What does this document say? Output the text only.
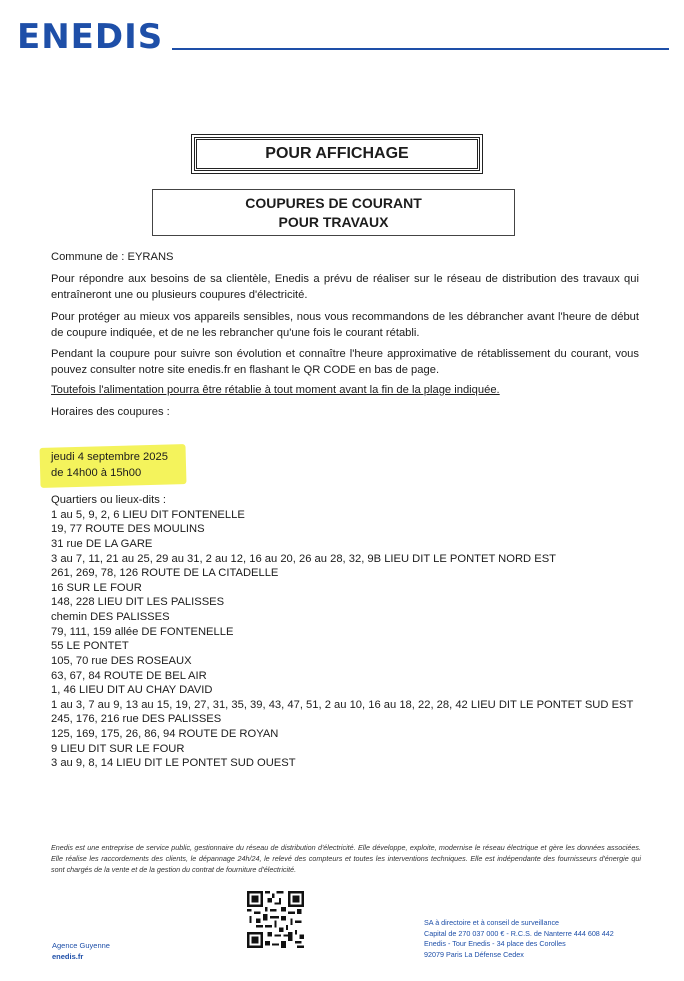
ENEDIS
POUR AFFICHAGE
COUPURES DE COURANT
POUR TRAVAUX
Commune de : EYRANS
Pour répondre aux besoins de sa clientèle, Enedis a prévu de réaliser sur le réseau de distribution des travaux qui entraîneront une ou plusieurs coupures d'électricité.
Pour protéger au mieux vos appareils sensibles, nous vous recommandons de les débrancher avant l'heure de début de coupure indiquée, et de ne les rebrancher qu'une fois le courant rétabli.
Pendant la coupure pour suivre son évolution et connaître l'heure approximative de rétablissement du courant, vous pouvez consulter notre site enedis.fr en flashant le QR CODE en bas de page.
Toutefois l'alimentation pourra être rétablie à tout moment avant la fin de la plage indiquée.
Horaires des coupures :
jeudi 4 septembre 2025
de 14h00 à 15h00
Quartiers ou lieux-dits :
1 au 5, 9, 2, 6 LIEU DIT FONTENELLE
19, 77 ROUTE DES MOULINS
31 rue DE LA GARE
3 au 7, 11, 21 au 25, 29 au 31, 2 au 12, 16 au 20, 26 au 28, 32, 9B LIEU DIT LE PONTET NORD EST
261, 269, 78, 126 ROUTE DE LA CITADELLE
16 SUR LE FOUR
148, 228 LIEU DIT LES PALISSES
chemin DES PALISSES
79, 111, 159 allée DE FONTENELLE
55 LE PONTET
105, 70 rue DES ROSEAUX
63, 67, 84 ROUTE DE BEL AIR
1, 46 LIEU DIT AU CHAY DAVID
1 au 3, 7 au 9, 13 au 15, 19, 27, 31, 35, 39, 43, 47, 51, 2 au 10, 16 au 18, 22, 28, 42 LIEU DIT LE PONTET SUD EST
245, 176, 216 rue DES PALISSES
125, 169, 175, 26, 86, 94 ROUTE DE ROYAN
9 LIEU DIT SUR LE FOUR
3 au 9, 8, 14 LIEU DIT LE PONTET SUD OUEST
Enedis est une entreprise de service public, gestionnaire du réseau de distribution d'électricité. Elle développe, exploite, modernise le réseau électrique et gère les données associées. Elle réalise les raccordements des clients, le dépannage 24h/24, le relevé des compteurs et toutes les interventions techniques. Elle est indépendante des fournisseurs d'énergie qui sont chargés de la vente et de la gestion du contrat de fourniture d'électricité.
Agence Guyenne
enedis.fr
SA à directoire et à conseil de surveillance
Capital de 270 037 000 € - R.C.S. de Nanterre 444 608 442
Enedis - Tour Enedis - 34 place des Corolles
92079 Paris La Défense Cedex
